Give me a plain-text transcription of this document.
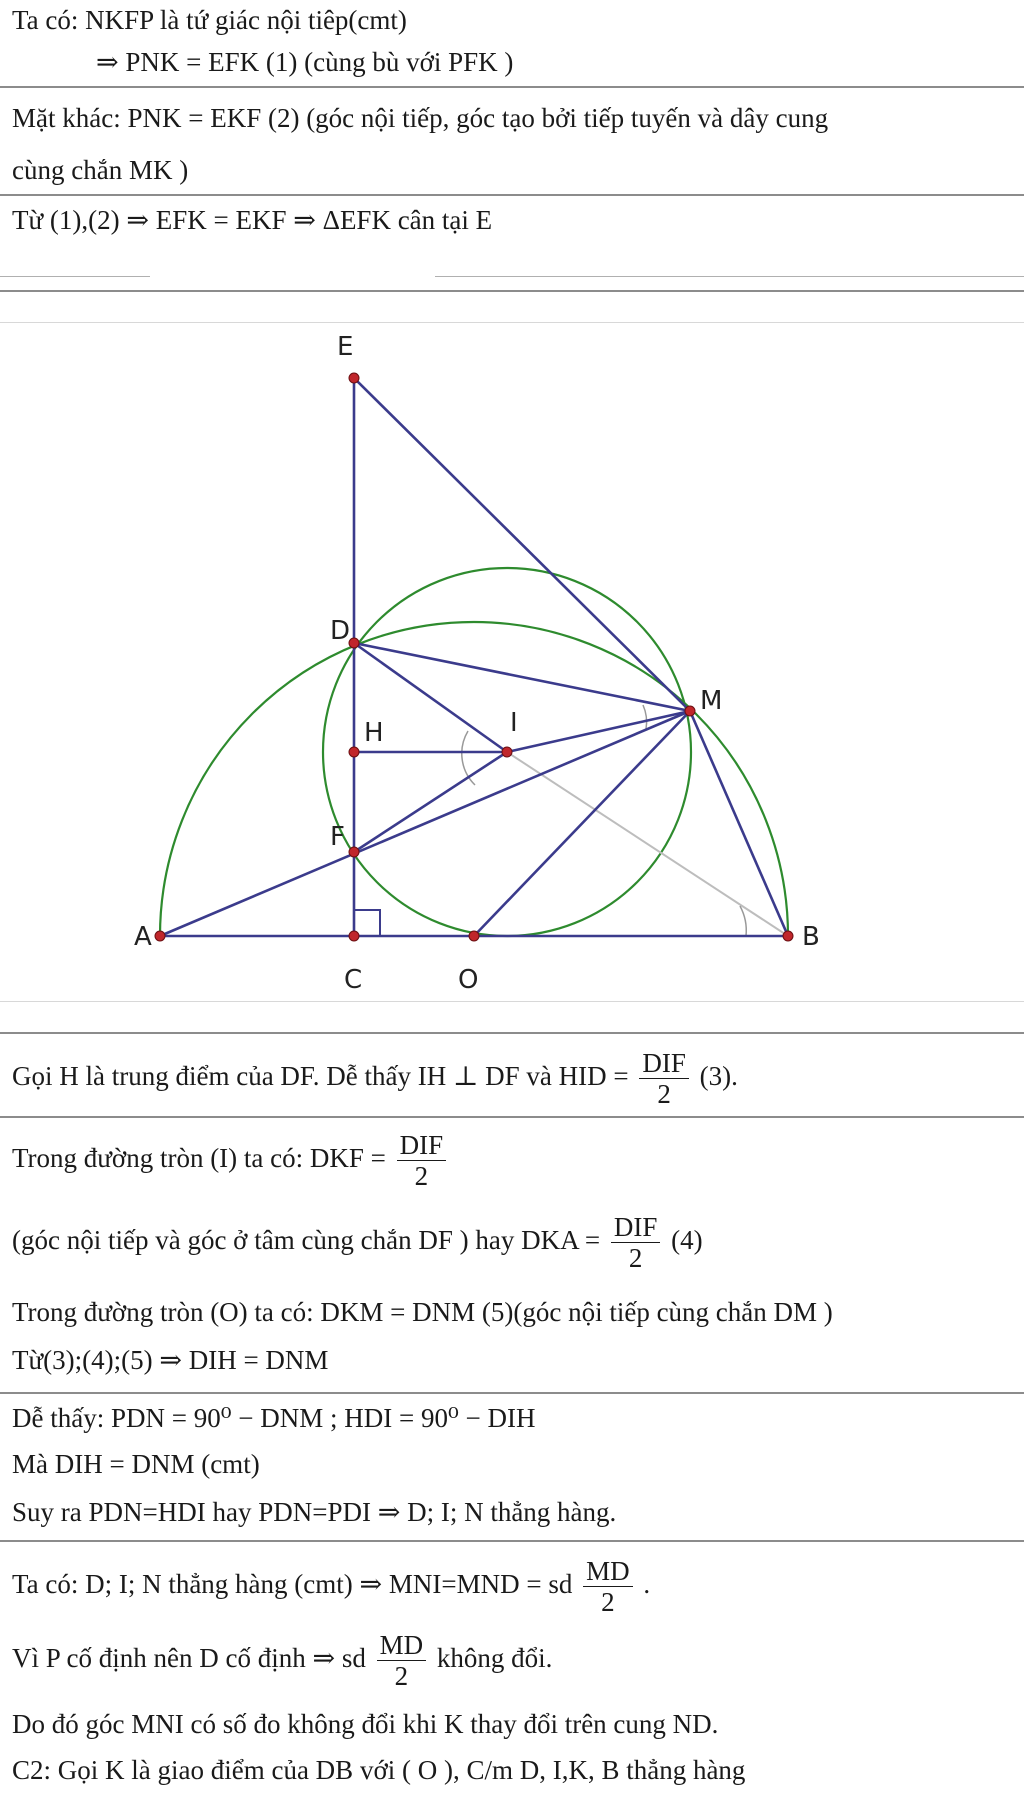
Ta có: NKFP là tứ giác nội tiêp(cmt)
⇒ PNK = EFK (1) (cùng bù với PFK )
Mặt khác: PNK = EKF (2) (góc nội tiếp, góc tạo bởi tiếp tuyến và dây cung
cùng chắn MK )
Từ (1),(2) ⇒ EFK = EKF ⇒ ΔEFK cân tại E
E
D
H	I
M
F
A
C	O
B
Gọi H là trung điểm của DF. Dễ thấy IH ⊥ DF và HID = $\frac{\text{DIF}}{2} (3)$.
Trong đường tròn (I) ta có: DKF = $\frac{\text{DIF}}{2}$
(góc nội tiếp và góc ở tâm cùng chắn DF ) hay DKA = $\frac{\text{DIF}}{2} (4)$
Trong đường tròn (O) ta có: DKM = DNM (5)(góc nội tiếp cùng chắn DM )
Từ(3);(4);(5) ⇒ DIH = DNM
Dễ thấy: PDN = 90⁰ − DNM ; HDI = 90⁰ − DIH
Mà DIH = DNM (cmt)
Suy ra PDN=HDI hay PDN=PDI ⇒ D; I; N thẳng hàng.
Ta có: D; I; N thẳng hàng (cmt) ⇒ MNI=MND = sd $\frac{MD}{2}$ .
Vì P cố định nên D cố định ⇒ sd $\frac{MD}{2}$ không đổi.
Do đó góc MNI có số đo không đổi khi K thay đổi trên cung ND.
C2: Gọi K là giao điểm của DB với ( O ), C/m D, I,K, B thẳng hàng
